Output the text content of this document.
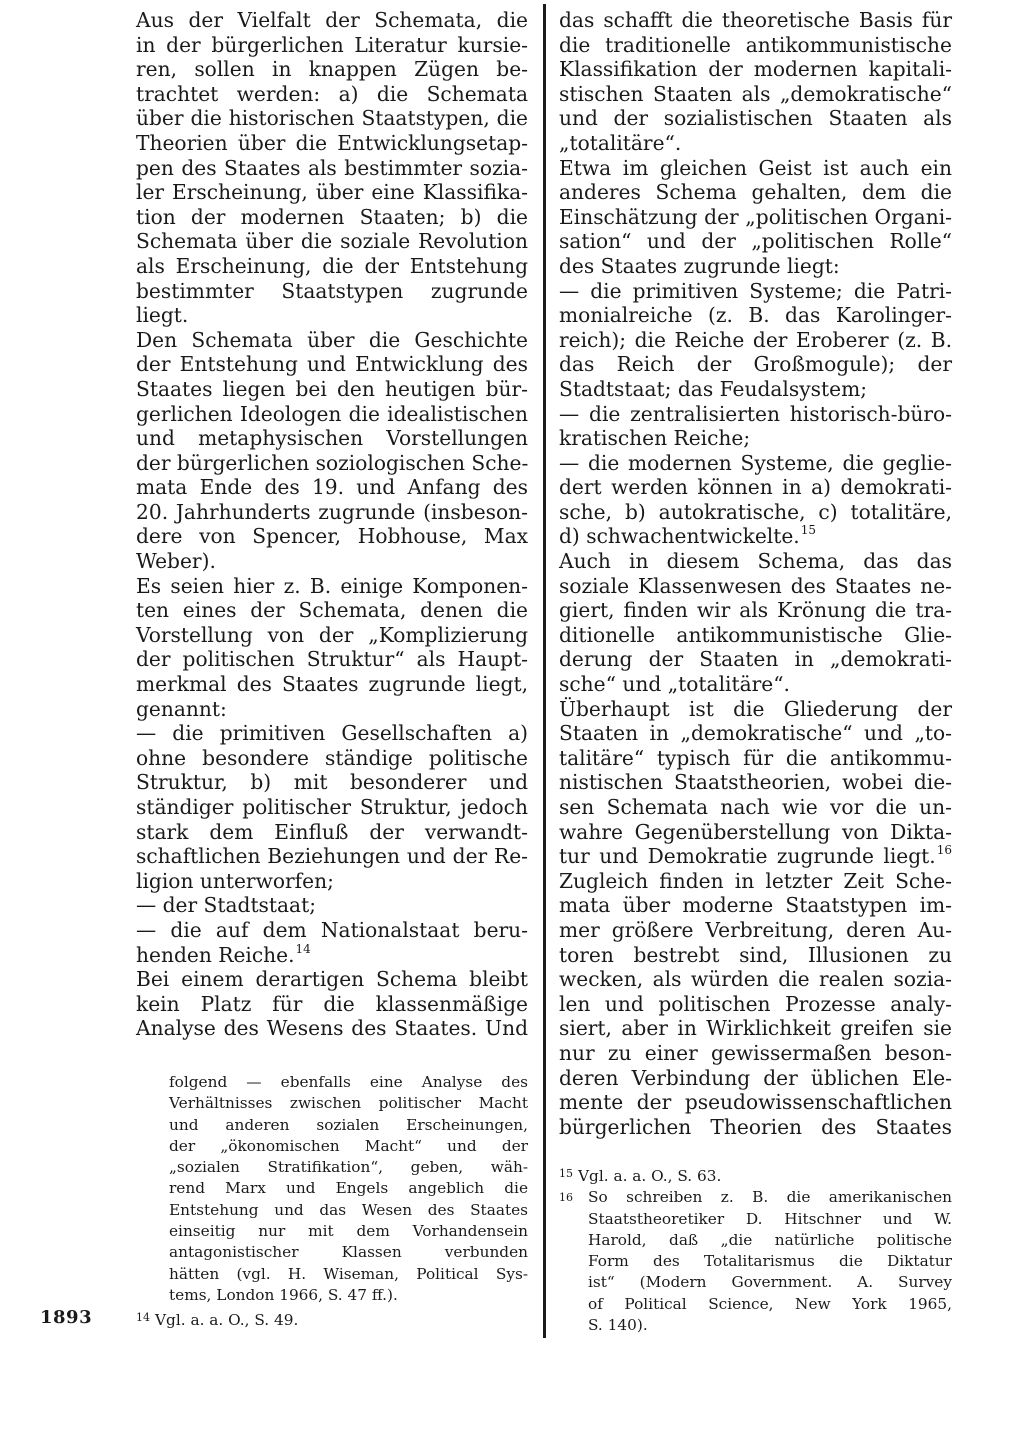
Aus der Vielfalt der Schemata, die
in der bürgerlichen Literatur kursie-
ren, sollen in knappen Zügen be-
trachtet werden: a) die Schemata
über die historischen Staatstypen, die
Theorien über die Entwicklungsetap-
pen des Staates als bestimmter sozia-
ler Erscheinung, über eine Klassifika-
tion der modernen Staaten; b) die
Schemata über die soziale Revolution
als Erscheinung, die der Entstehung
bestimmter Staatstypen zugrunde
liegt.
Den Schemata über die Geschichte
der Entstehung und Entwicklung des
Staates liegen bei den heutigen bür-
gerlichen Ideologen die idealistischen
und metaphysischen Vorstellungen
der bürgerlichen soziologischen Sche-
mata Ende des 19. und Anfang des
20. Jahrhunderts zugrunde (insbeson-
dere von Spencer, Hobhouse, Max
Weber).
Es seien hier z. B. einige Komponen-
ten eines der Schemata, denen die
Vorstellung von der „Komplizierung
der politischen Struktur“ als Haupt-
merkmal des Staates zugrunde liegt,
genannt:
— die primitiven Gesellschaften a)
ohne besondere ständige politische
Struktur, b) mit besonderer und
ständiger politischer Struktur, jedoch
stark dem Einfluß der verwandt-
schaftlichen Beziehungen und der Re-
ligion unterworfen;
— der Stadtstaat;
— die auf dem Nationalstaat beru-
henden Reiche.$^{14}$
Bei einem derartigen Schema bleibt
kein Platz für die klassenmäßige
Analyse des Wesens des Staates. Und
das schafft die theoretische Basis für
die traditionelle antikommunistische
Klassifikation der modernen kapitali-
stischen Staaten als „demokratische“
und der sozialistischen Staaten als
„totalitäre“.
Etwa im gleichen Geist ist auch ein
anderes Schema gehalten, dem die
Einschätzung der „politischen Organi-
sation“ und der „politischen Rolle“
des Staates zugrunde liegt:
— die primitiven Systeme; die Patri-
monialreiche (z. B. das Karolinger-
reich); die Reiche der Eroberer (z. B.
das Reich der Großmogule); der
Stadtstaat; das Feudalsystem;
— die zentralisierten historisch-büro-
kratischen Reiche;
— die modernen Systeme, die geglie-
dert werden können in a) demokrati-
sche, b) autokratische, c) totalitäre,
d) schwachentwickelte.$^{15}$
Auch in diesem Schema, das das
soziale Klassenwesen des Staates ne-
giert, finden wir als Krönung die tra-
ditionelle antikommunistische Glie-
derung der Staaten in „demokrati-
sche“ und „totalitäre“.
Überhaupt ist die Gliederung der
Staaten in „demokratische“ und „to-
talitäre“ typisch für die antikommu-
nistischen Staatstheorien, wobei die-
sen Schemata nach wie vor die un-
wahre Gegenüberstellung von Dikta-
tur und Demokratie zugrunde liegt.$^{16}$
Zugleich finden in letzter Zeit Sche-
mata über moderne Staatstypen im-
mer größere Verbreitung, deren Au-
toren bestrebt sind, Illusionen zu
wecken, als würden die realen sozia-
len und politischen Prozesse analy-
siert, aber in Wirklichkeit greifen sie
nur zu einer gewissermaßen beson-
deren Verbindung der üblichen Ele-
mente der pseudowissenschaftlichen
bürgerlichen Theorien des Staates
folgend — ebenfalls eine Analyse des
Verhältnisses zwischen politischer Macht
und anderen sozialen Erscheinungen,
der „ökonomischen Macht“ und der
„sozialen Stratifikation“, geben, wäh-
rend Marx und Engels angeblich die
Entstehung und das Wesen des Staates
einseitig nur mit dem Vorhandensein
antagonistischer Klassen verbunden
hätten (vgl. H. Wiseman, Political Sys-
tems, London 1966, S. 47 ff.).
$^{14}$ Vgl. a. a. O., S. 49.
$^{15}$ Vgl. a. a. O., S. 63.
16 So schreiben z. B. die amerikanischen
Staatstheoretiker D. Hitschner und W.
Harold, daß „die natürliche politische
Form des Totalitarismus die Diktatur
ist“ (Modern Government. A. Survey
of Political Science, New York 1965,
S. 140).
1893
